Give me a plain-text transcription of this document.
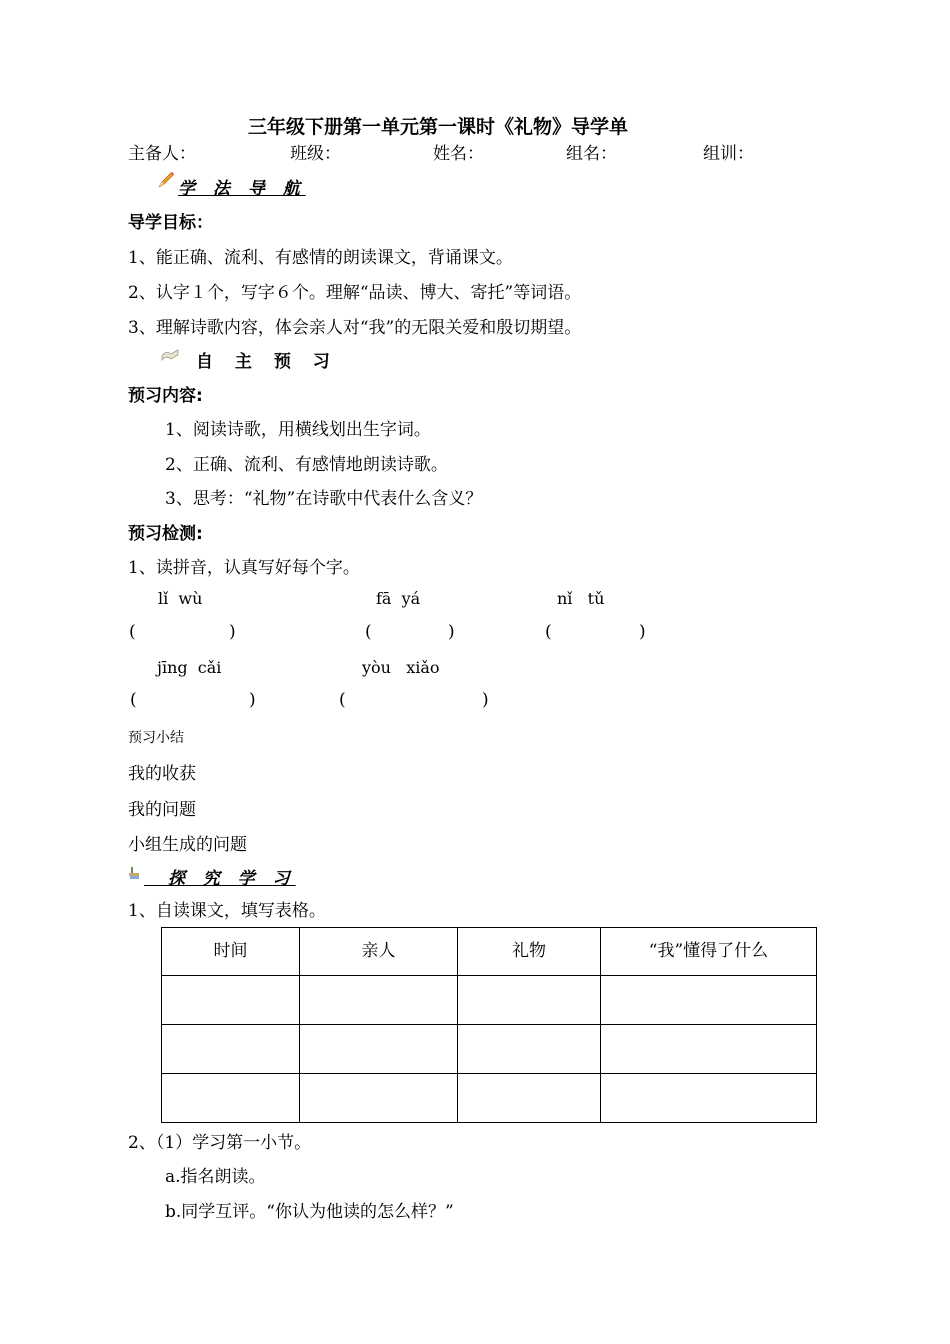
三年级下册第一单元第一课时《礼物》导学单
主备人：	班级：	姓名：	组名：	组训：
学 法 导 航
导学目标：
1、能正确、流利、有感情的朗读课文，背诵课文。
2、认字１个，写字６个。理解“品读、博大、寄托”等词语。
3、理解诗歌内容，体会亲人对“我”的无限关爱和殷切期望。
自 主 预 习
预习内容:
1、阅读诗歌，用横线划出生字词。
2、正确、流利、有感情地朗读诗歌。
3、思考：“礼物”在诗歌中代表什么含义？
预习检测:
1、读拼音，认真写好每个字。
lǐ  wù	fā  yá	nǐ   tǔ
(	)	(	)	(	)
jīng  cǎi	yòu   xiǎo
(	)	(	)
预习小结
我的收获
我的问题
小组生成的问题
探 究 学 习
1、自读课文，填写表格。
时间	亲人	礼物	“我”懂得了什么

2、（1）学习第一小节。
a.指名朗读。
b.同学互评。“你认为他读的怎么样？”
